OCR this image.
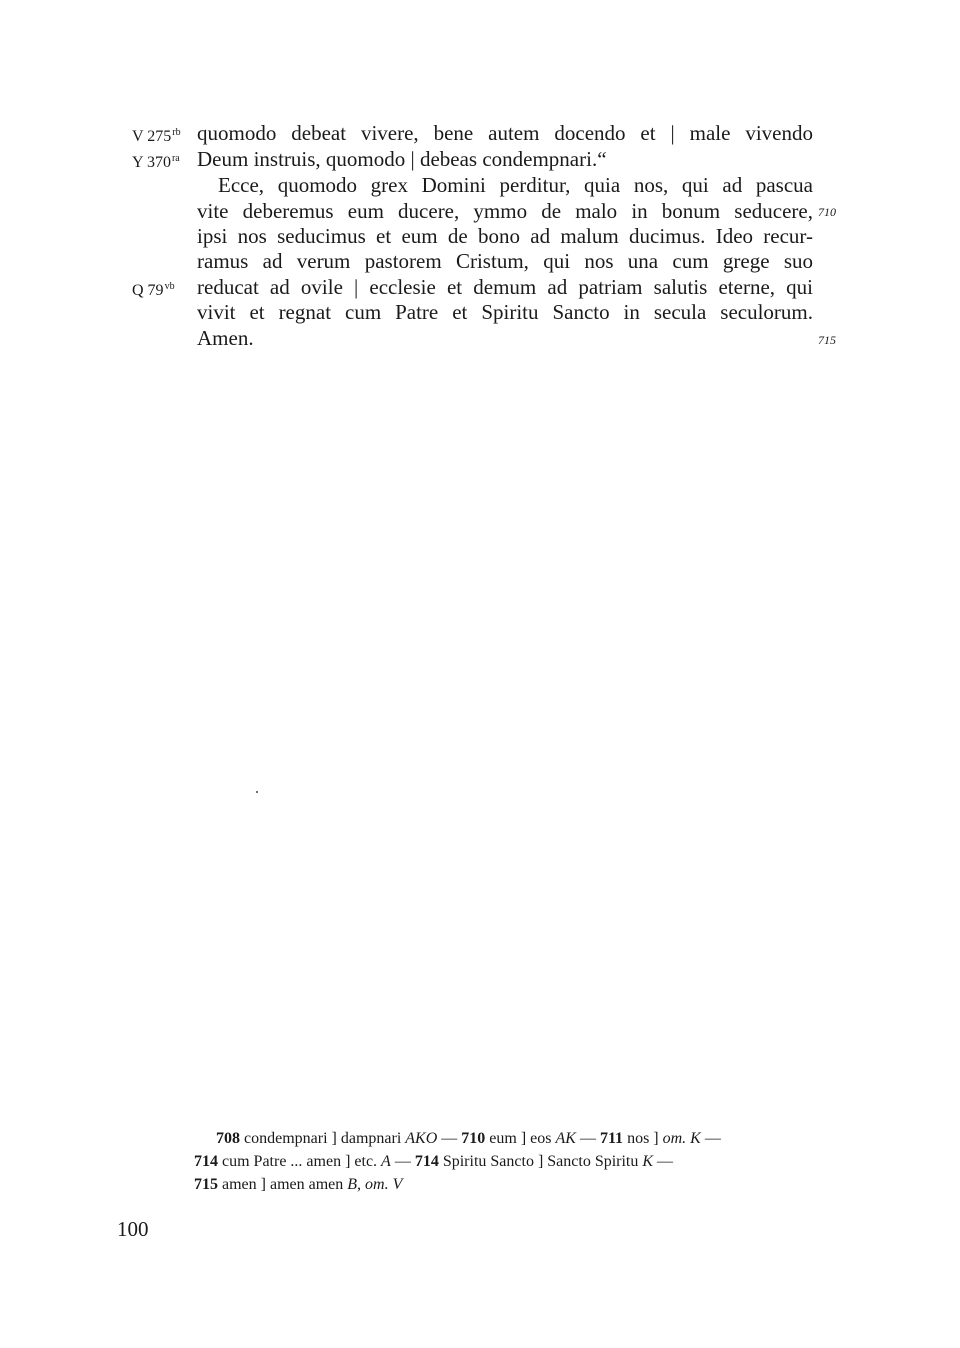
V $275^{rb}$
Y $370^{ra}$
Q $79^{vb}$
quomodo debeat vivere, bene autem docendo et | male vivendo
Deum instruis, quomodo | debeas condempnari.“
Ecce, quomodo grex Domini perditur, quia nos, qui ad pascua
vite deberemus eum ducere, ymmo de malo in bonum seducere,
ipsi nos seducimus et eum de bono ad malum ducimus. Ideo recur-
ramus ad verum pastorem Cristum, qui nos una cum grege suo
reducat ad ovile | ecclesie et demum ad patriam salutis eterne, qui
vivit et regnat cum Patre et Spiritu Sancto in secula seculorum.
Amen.
710
715
708 condempnari ] dampnari AKO — 710 eum ] eos AK — 711 nos ] om. K —
714 cum Patre ... amen ] etc. A — 714 Spiritu Sancto ] Sancto Spiritu K —
715 amen ] amen amen B, om. V
100
